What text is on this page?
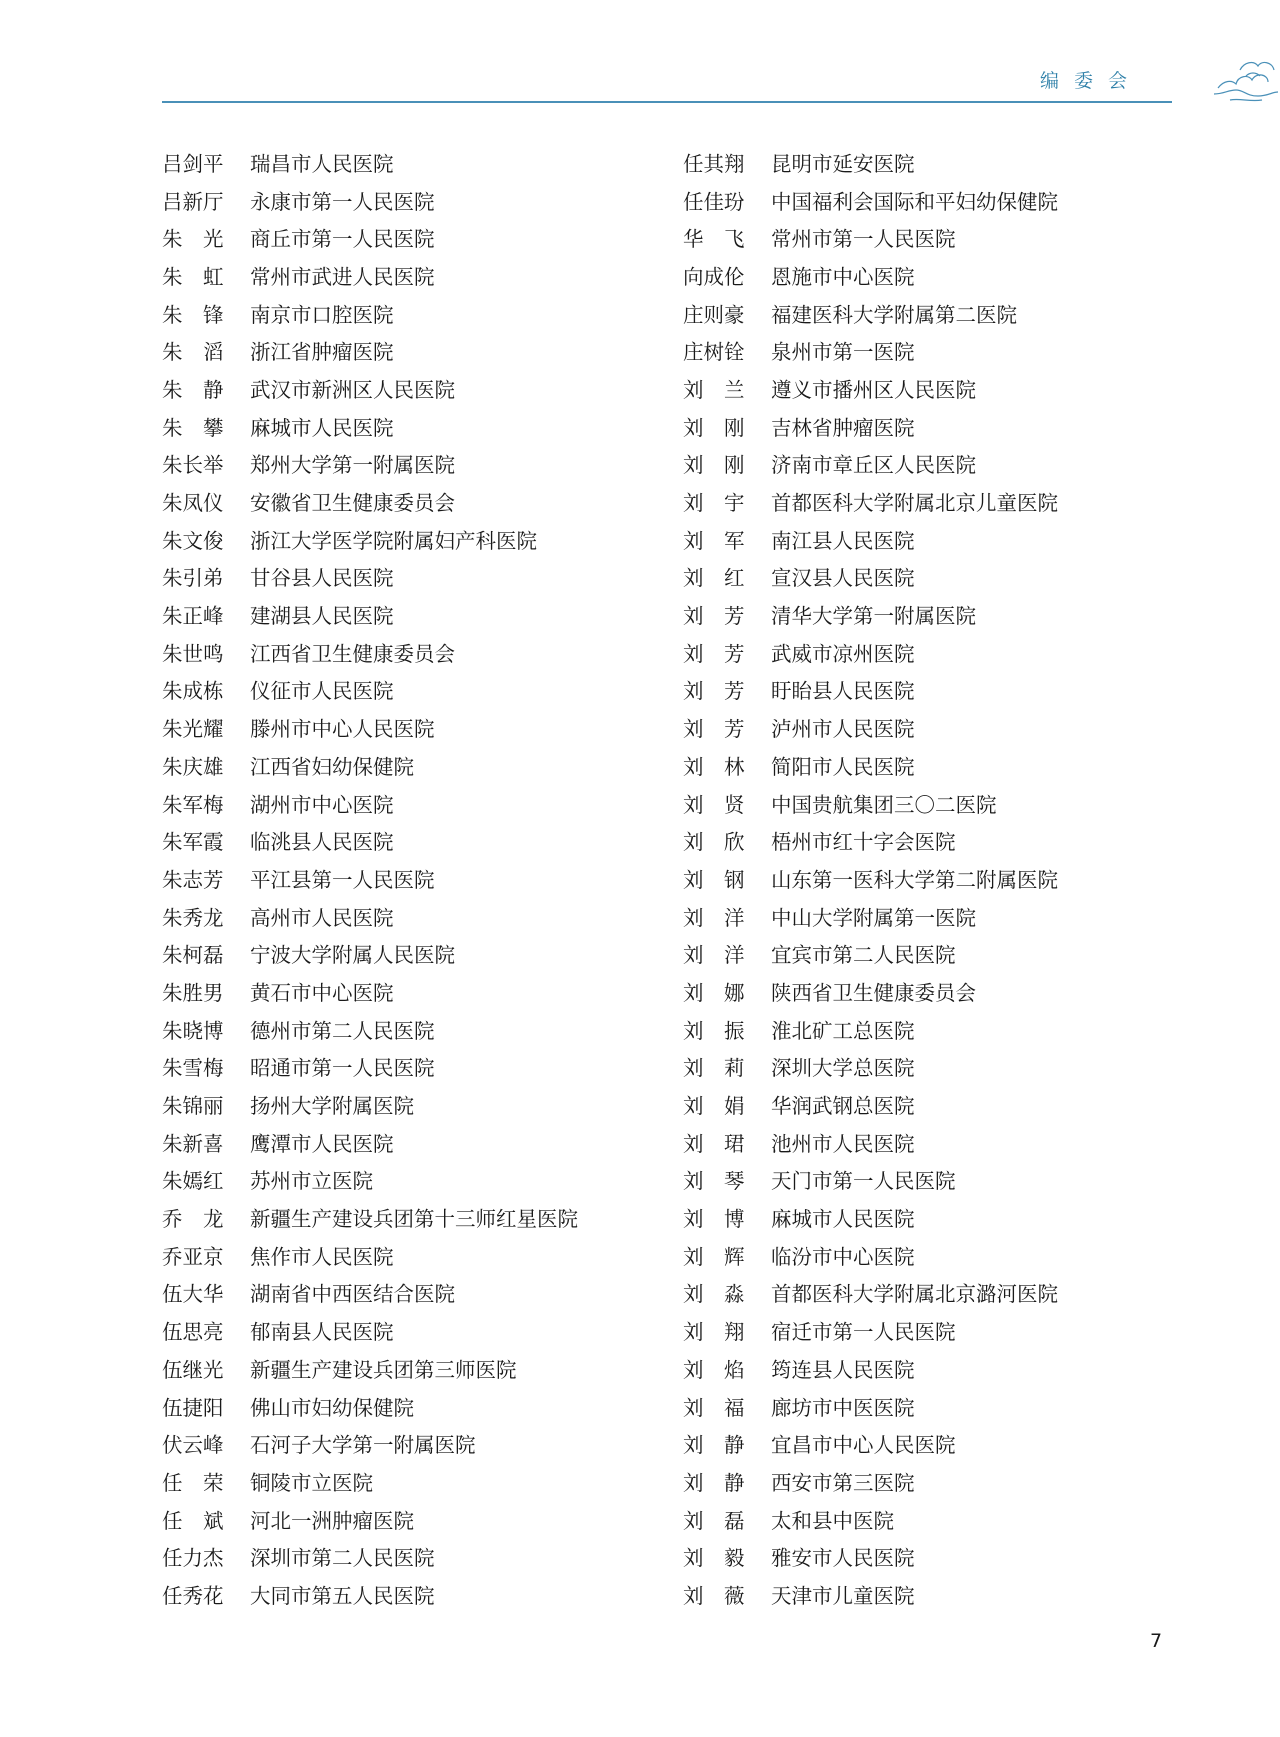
编委会
吕剑平	瑞昌市人民医院
吕新厅	永康市第一人民医院
朱　光	商丘市第一人民医院
朱　虹	常州市武进人民医院
朱　锋	南京市口腔医院
朱　滔	浙江省肿瘤医院
朱　静	武汉市新洲区人民医院
朱　攀	麻城市人民医院
朱长举	郑州大学第一附属医院
朱凤仪	安徽省卫生健康委员会
朱文俊	浙江大学医学院附属妇产科医院
朱引弟	甘谷县人民医院
朱正峰	建湖县人民医院
朱世鸣	江西省卫生健康委员会
朱成栋	仪征市人民医院
朱光耀	滕州市中心人民医院
朱庆雄	江西省妇幼保健院
朱军梅	湖州市中心医院
朱军霞	临洮县人民医院
朱志芳	平江县第一人民医院
朱秀龙	高州市人民医院
朱柯磊	宁波大学附属人民医院
朱胜男	黄石市中心医院
朱晓博	德州市第二人民医院
朱雪梅	昭通市第一人民医院
朱锦丽	扬州大学附属医院
朱新喜	鹰潭市人民医院
朱嫣红	苏州市立医院
乔　龙	新疆生产建设兵团第十三师红星医院
乔亚京	焦作市人民医院
伍大华	湖南省中西医结合医院
伍思亮	郁南县人民医院
伍继光	新疆生产建设兵团第三师医院
伍捷阳	佛山市妇幼保健院
伏云峰	石河子大学第一附属医院
任　荣	铜陵市立医院
任　斌	河北一洲肿瘤医院
任力杰	深圳市第二人民医院
任秀花	大同市第五人民医院
任其翔	昆明市延安医院
任佳玢	中国福利会国际和平妇幼保健院
华　飞	常州市第一人民医院
向成伦	恩施市中心医院
庄则豪	福建医科大学附属第二医院
庄树铨	泉州市第一医院
刘　兰	遵义市播州区人民医院
刘　刚	吉林省肿瘤医院
刘　刚	济南市章丘区人民医院
刘　宇	首都医科大学附属北京儿童医院
刘　军	南江县人民医院
刘　红	宣汉县人民医院
刘　芳	清华大学第一附属医院
刘　芳	武威市凉州医院
刘　芳	盱眙县人民医院
刘　芳	泸州市人民医院
刘　林	简阳市人民医院
刘　贤	中国贵航集团三〇二医院
刘　欣	梧州市红十字会医院
刘　钢	山东第一医科大学第二附属医院
刘　洋	中山大学附属第一医院
刘　洋	宜宾市第二人民医院
刘　娜	陕西省卫生健康委员会
刘　振	淮北矿工总医院
刘　莉	深圳大学总医院
刘　娟	华润武钢总医院
刘　珺	池州市人民医院
刘　琴	天门市第一人民医院
刘　博	麻城市人民医院
刘　辉	临汾市中心医院
刘　淼	首都医科大学附属北京潞河医院
刘　翔	宿迁市第一人民医院
刘　焰	筠连县人民医院
刘　福	廊坊市中医医院
刘　静	宜昌市中心人民医院
刘　静	西安市第三医院
刘　磊	太和县中医院
刘　毅	雅安市人民医院
刘　薇	天津市儿童医院
7
